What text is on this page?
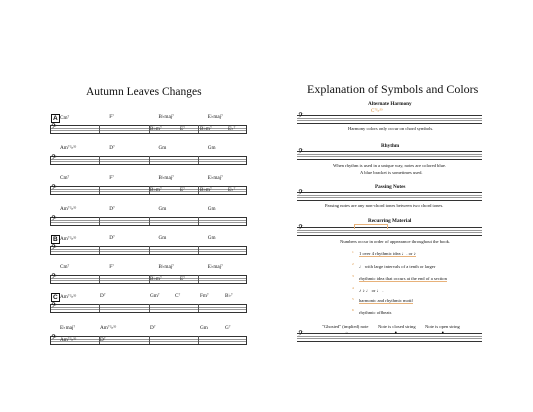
Autumn Leaves Changes	Explanation of Symbols and Colors
𝄢
A Cm⁷	F⁷	B♭maj⁷	E♭maj⁷
B♭m⁷	E⁷	B♭m⁷	E♭⁷
𝄢
Am⁷⁽♭⁵⁾	D⁷	Gm	Gm
𝄢
Cm⁷	F⁷	B♭maj⁷	E♭maj⁷
B♭m⁷	E⁷	B♭m⁷	E♭⁷
𝄢
Am⁷⁽♭⁵⁾	D⁷	Gm	Gm
𝄢
B Am⁷⁽♭⁵⁾	D⁷	Gm	Gm
𝄢
Cm⁷	F⁷	B♭maj⁷	E♭maj⁷
B♭m⁷	E⁷
𝄢
C Am⁷⁽♭⁵⁾	D⁷	Gm⁷	C⁷	Fm⁷	B♭⁷
𝄢
E♭maj⁷	Am⁷⁽♭⁵⁾	D⁷	Gm	G⁷
Am⁷⁽♭⁵⁾	D⁷
Alternate Harmony
C⁷⁽♭⁹⁾
𝄢
Harmony colors only occur on chord symbols.
Rhythm
𝄢
When rhythm is used in a unique way, notes are colored blue.
A blue bracket is sometimes used.
Passing Notes
𝄢
Passing notes are any non-chord tones between two chord tones.
Recurring Material
𝄢
Numbers occur in order of appearance throughout the book.
1 1 over 4 rhythmic idea ♩. or ♪
2 ♩ with large intervals of a tenth or larger
3 rhythmic idea that occurs at the end of a section
4 ♪ ♪ ♩ or ♩ .
5 harmonic and rhythmic motif
6 rhythmic offbeats
"Ghosted" (implied) note Note is closed string Note is open string
𝄢	◦	•	•
